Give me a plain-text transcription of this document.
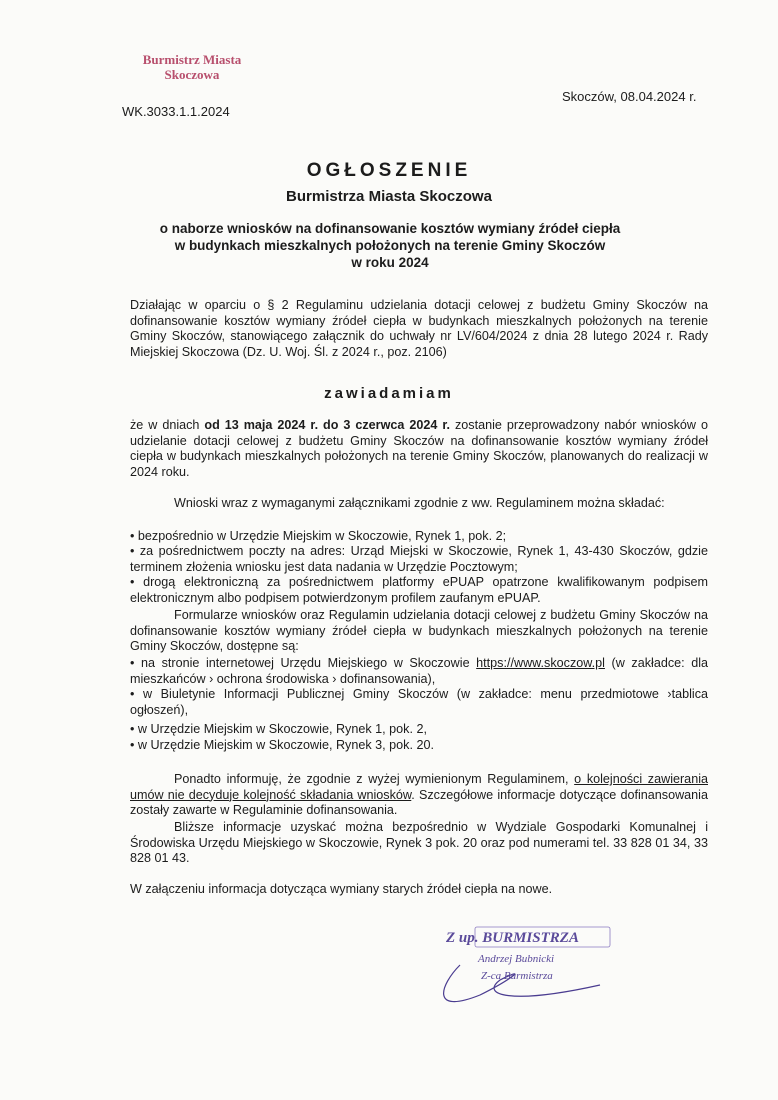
Burmistrz Miasta
Skoczowa
WK.3033.1.1.2024
Skoczów, 08.04.2024 r.
OGŁOSZENIE
Burmistrza Miasta Skoczowa
o naborze wniosków na dofinansowanie kosztów wymiany źródeł ciepła
w budynkach mieszkalnych położonych na terenie Gminy Skoczów
w roku 2024
Działając w oparciu o § 2 Regulaminu udzielania dotacji celowej z budżetu Gminy Skoczów na dofinansowanie kosztów wymiany źródeł ciepła w budynkach mieszkalnych położonych na terenie Gminy Skoczów, stanowiącego załącznik do uchwały nr LV/604/2024 z dnia 28 lutego 2024 r. Rady Miejskiej Skoczowa (Dz. U. Woj. Śl. z 2024 r., poz. 2106)
zawiadamiam
że w dniach od 13 maja 2024 r. do 3 czerwca 2024 r. zostanie przeprowadzony nabór wniosków o udzielanie dotacji celowej z budżetu Gminy Skoczów na dofinansowanie kosztów wymiany źródeł ciepła w budynkach mieszkalnych położonych na terenie Gminy Skoczów, planowanych do realizacji w 2024 roku.
Wnioski wraz z wymaganymi załącznikami zgodnie z ww. Regulaminem można składać:
• bezpośrednio w Urzędzie Miejskim w Skoczowie, Rynek 1, pok. 2;
• za pośrednictwem poczty na adres: Urząd Miejski w Skoczowie, Rynek 1, 43-430 Skoczów, gdzie terminem złożenia wniosku jest data nadania w Urzędzie Pocztowym;
• drogą elektroniczną za pośrednictwem platformy ePUAP opatrzone kwalifikowanym podpisem elektronicznym albo podpisem potwierdzonym profilem zaufanym ePUAP.
Formularze wniosków oraz Regulamin udzielania dotacji celowej z budżetu Gminy Skoczów na dofinansowanie kosztów wymiany źródeł ciepła w budynkach mieszkalnych położonych na terenie Gminy Skoczów, dostępne są:
• na stronie internetowej Urzędu Miejskiego w Skoczowie https://www.skoczow.pl (w zakładce: dla mieszkańców › ochrona środowiska › dofinansowania),
• w Biuletynie Informacji Publicznej Gminy Skoczów (w zakładce: menu przedmiotowe ›tablica ogłoszeń),
• w Urzędzie Miejskim w Skoczowie, Rynek 1, pok. 2,
• w Urzędzie Miejskim w Skoczowie, Rynek 3, pok. 20.
Ponadto informuję, że zgodnie z wyżej wymienionym Regulaminem, o kolejności zawierania umów nie decyduje kolejność składania wniosków. Szczegółowe informacje dotyczące dofinansowania zostały zawarte w Regulaminie dofinansowania.
Bliższe informacje uzyskać można bezpośrednio w Wydziale Gospodarki Komunalnej i Środowiska Urzędu Miejskiego w Skoczowie, Rynek 3 pok. 20 oraz pod numerami tel. 33 828 01 34, 33 828 01 43.
W załączeniu informacja dotycząca wymiany starych źródeł ciepła na nowe.
Z up. BURMISTRZA
Andrzej Bubnicki
Z-ca Burmistrza
